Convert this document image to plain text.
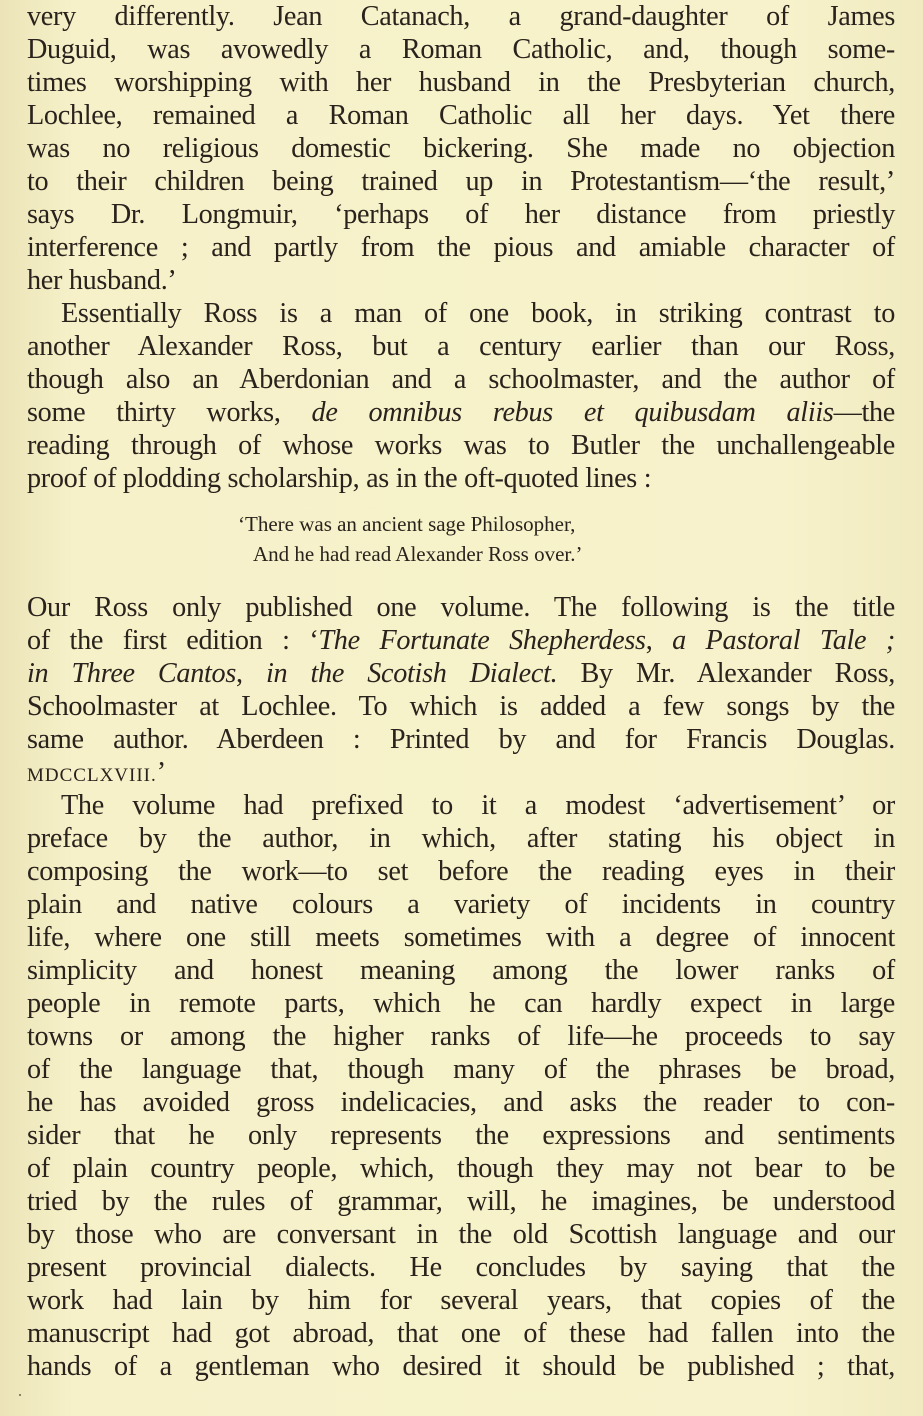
very differently. Jean Catanach, a grand-daughter of James
Duguid, was avowedly a Roman Catholic, and, though some-
times worshipping with her husband in the Presbyterian church,
Lochlee, remained a Roman Catholic all her days. Yet there
was no religious domestic bickering. She made no objection
to their children being trained up in Protestantism—‘the result,’
says Dr. Longmuir, ‘perhaps of her distance from priestly
interference ; and partly from the pious and amiable character of
her husband.’
Essentially Ross is a man of one book, in striking contrast to
another Alexander Ross, but a century earlier than our Ross,
though also an Aberdonian and a schoolmaster, and the author of
some thirty works, de omnibus rebus et quibusdam aliis—the
reading through of whose works was to Butler the unchallengeable
proof of plodding scholarship, as in the oft-quoted lines :
‘There was an ancient sage Philosopher,
And he had read Alexander Ross over.’
Our Ross only published one volume. The following is the title
of the first edition : ‘The Fortunate Shepherdess, a Pastoral Tale ;
in Three Cantos, in the Scotish Dialect. By Mr. Alexander Ross,
Schoolmaster at Lochlee. To which is added a few songs by the
same author. Aberdeen : Printed by and for Francis Douglas.
MDCCLXVIII.’
The volume had prefixed to it a modest ‘advertisement’ or
preface by the author, in which, after stating his object in
composing the work—to set before the reading eyes in their
plain and native colours a variety of incidents in country
life, where one still meets sometimes with a degree of innocent
simplicity and honest meaning among the lower ranks of
people in remote parts, which he can hardly expect in large
towns or among the higher ranks of life—he proceeds to say
of the language that, though many of the phrases be broad,
he has avoided gross indelicacies, and asks the reader to con-
sider that he only represents the expressions and sentiments
of plain country people, which, though they may not bear to be
tried by the rules of grammar, will, he imagines, be understood
by those who are conversant in the old Scottish language and our
present provincial dialects. He concludes by saying that the
work had lain by him for several years, that copies of the
manuscript had got abroad, that one of these had fallen into the
hands of a gentleman who desired it should be published ; that,
